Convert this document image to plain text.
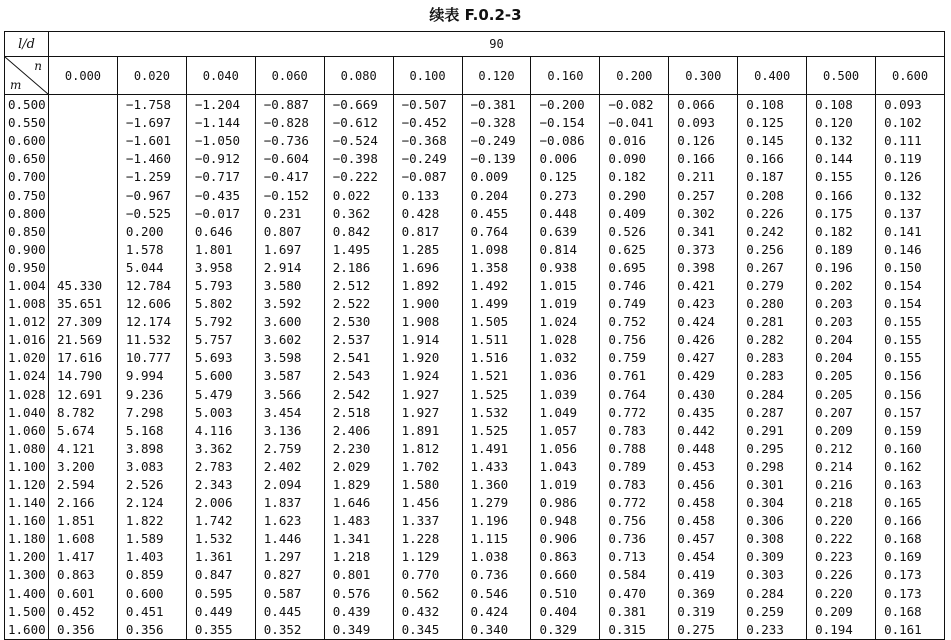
续表 F.0.2-3
l/d	90												

n
m	0.000	0.020	0.040	0.060	0.080	0.100	0.120	0.160	0.200	0.300	0.400	0.500	0.600
0.500		−1.758	−1.204	−0.887	−0.669	−0.507	−0.381	−0.200	−0.082	0.066	0.108	0.108	0.093
0.550		−1.697	−1.144	−0.828	−0.612	−0.452	−0.328	−0.154	−0.041	0.093	0.125	0.120	0.102
0.600		−1.601	−1.050	−0.736	−0.524	−0.368	−0.249	−0.086	0.016	0.126	0.145	0.132	0.111
0.650		−1.460	−0.912	−0.604	−0.398	−0.249	−0.139	0.006	0.090	0.166	0.166	0.144	0.119
0.700		−1.259	−0.717	−0.417	−0.222	−0.087	0.009	0.125	0.182	0.211	0.187	0.155	0.126
0.750		−0.967	−0.435	−0.152	0.022	0.133	0.204	0.273	0.290	0.257	0.208	0.166	0.132
0.800		−0.525	−0.017	0.231	0.362	0.428	0.455	0.448	0.409	0.302	0.226	0.175	0.137
0.850		0.200	0.646	0.807	0.842	0.817	0.764	0.639	0.526	0.341	0.242	0.182	0.141
0.900		1.578	1.801	1.697	1.495	1.285	1.098	0.814	0.625	0.373	0.256	0.189	0.146
0.950		5.044	3.958	2.914	2.186	1.696	1.358	0.938	0.695	0.398	0.267	0.196	0.150
1.004	45.330	12.784	5.793	3.580	2.512	1.892	1.492	1.015	0.746	0.421	0.279	0.202	0.154
1.008	35.651	12.606	5.802	3.592	2.522	1.900	1.499	1.019	0.749	0.423	0.280	0.203	0.154
1.012	27.309	12.174	5.792	3.600	2.530	1.908	1.505	1.024	0.752	0.424	0.281	0.203	0.155
1.016	21.569	11.532	5.757	3.602	2.537	1.914	1.511	1.028	0.756	0.426	0.282	0.204	0.155
1.020	17.616	10.777	5.693	3.598	2.541	1.920	1.516	1.032	0.759	0.427	0.283	0.204	0.155
1.024	14.790	9.994	5.600	3.587	2.543	1.924	1.521	1.036	0.761	0.429	0.283	0.205	0.156
1.028	12.691	9.236	5.479	3.566	2.542	1.927	1.525	1.039	0.764	0.430	0.284	0.205	0.156
1.040	8.782	7.298	5.003	3.454	2.518	1.927	1.532	1.049	0.772	0.435	0.287	0.207	0.157
1.060	5.674	5.168	4.116	3.136	2.406	1.891	1.525	1.057	0.783	0.442	0.291	0.209	0.159
1.080	4.121	3.898	3.362	2.759	2.230	1.812	1.491	1.056	0.788	0.448	0.295	0.212	0.160
1.100	3.200	3.083	2.783	2.402	2.029	1.702	1.433	1.043	0.789	0.453	0.298	0.214	0.162
1.120	2.594	2.526	2.343	2.094	1.829	1.580	1.360	1.019	0.783	0.456	0.301	0.216	0.163
1.140	2.166	2.124	2.006	1.837	1.646	1.456	1.279	0.986	0.772	0.458	0.304	0.218	0.165
1.160	1.851	1.822	1.742	1.623	1.483	1.337	1.196	0.948	0.756	0.458	0.306	0.220	0.166
1.180	1.608	1.589	1.532	1.446	1.341	1.228	1.115	0.906	0.736	0.457	0.308	0.222	0.168
1.200	1.417	1.403	1.361	1.297	1.218	1.129	1.038	0.863	0.713	0.454	0.309	0.223	0.169
1.300	0.863	0.859	0.847	0.827	0.801	0.770	0.736	0.660	0.584	0.419	0.303	0.226	0.173
1.400	0.601	0.600	0.595	0.587	0.576	0.562	0.546	0.510	0.470	0.369	0.284	0.220	0.173
1.500	0.452	0.451	0.449	0.445	0.439	0.432	0.424	0.404	0.381	0.319	0.259	0.209	0.168
1.600	0.356	0.356	0.355	0.352	0.349	0.345	0.340	0.329	0.315	0.275	0.233	0.194	0.161
